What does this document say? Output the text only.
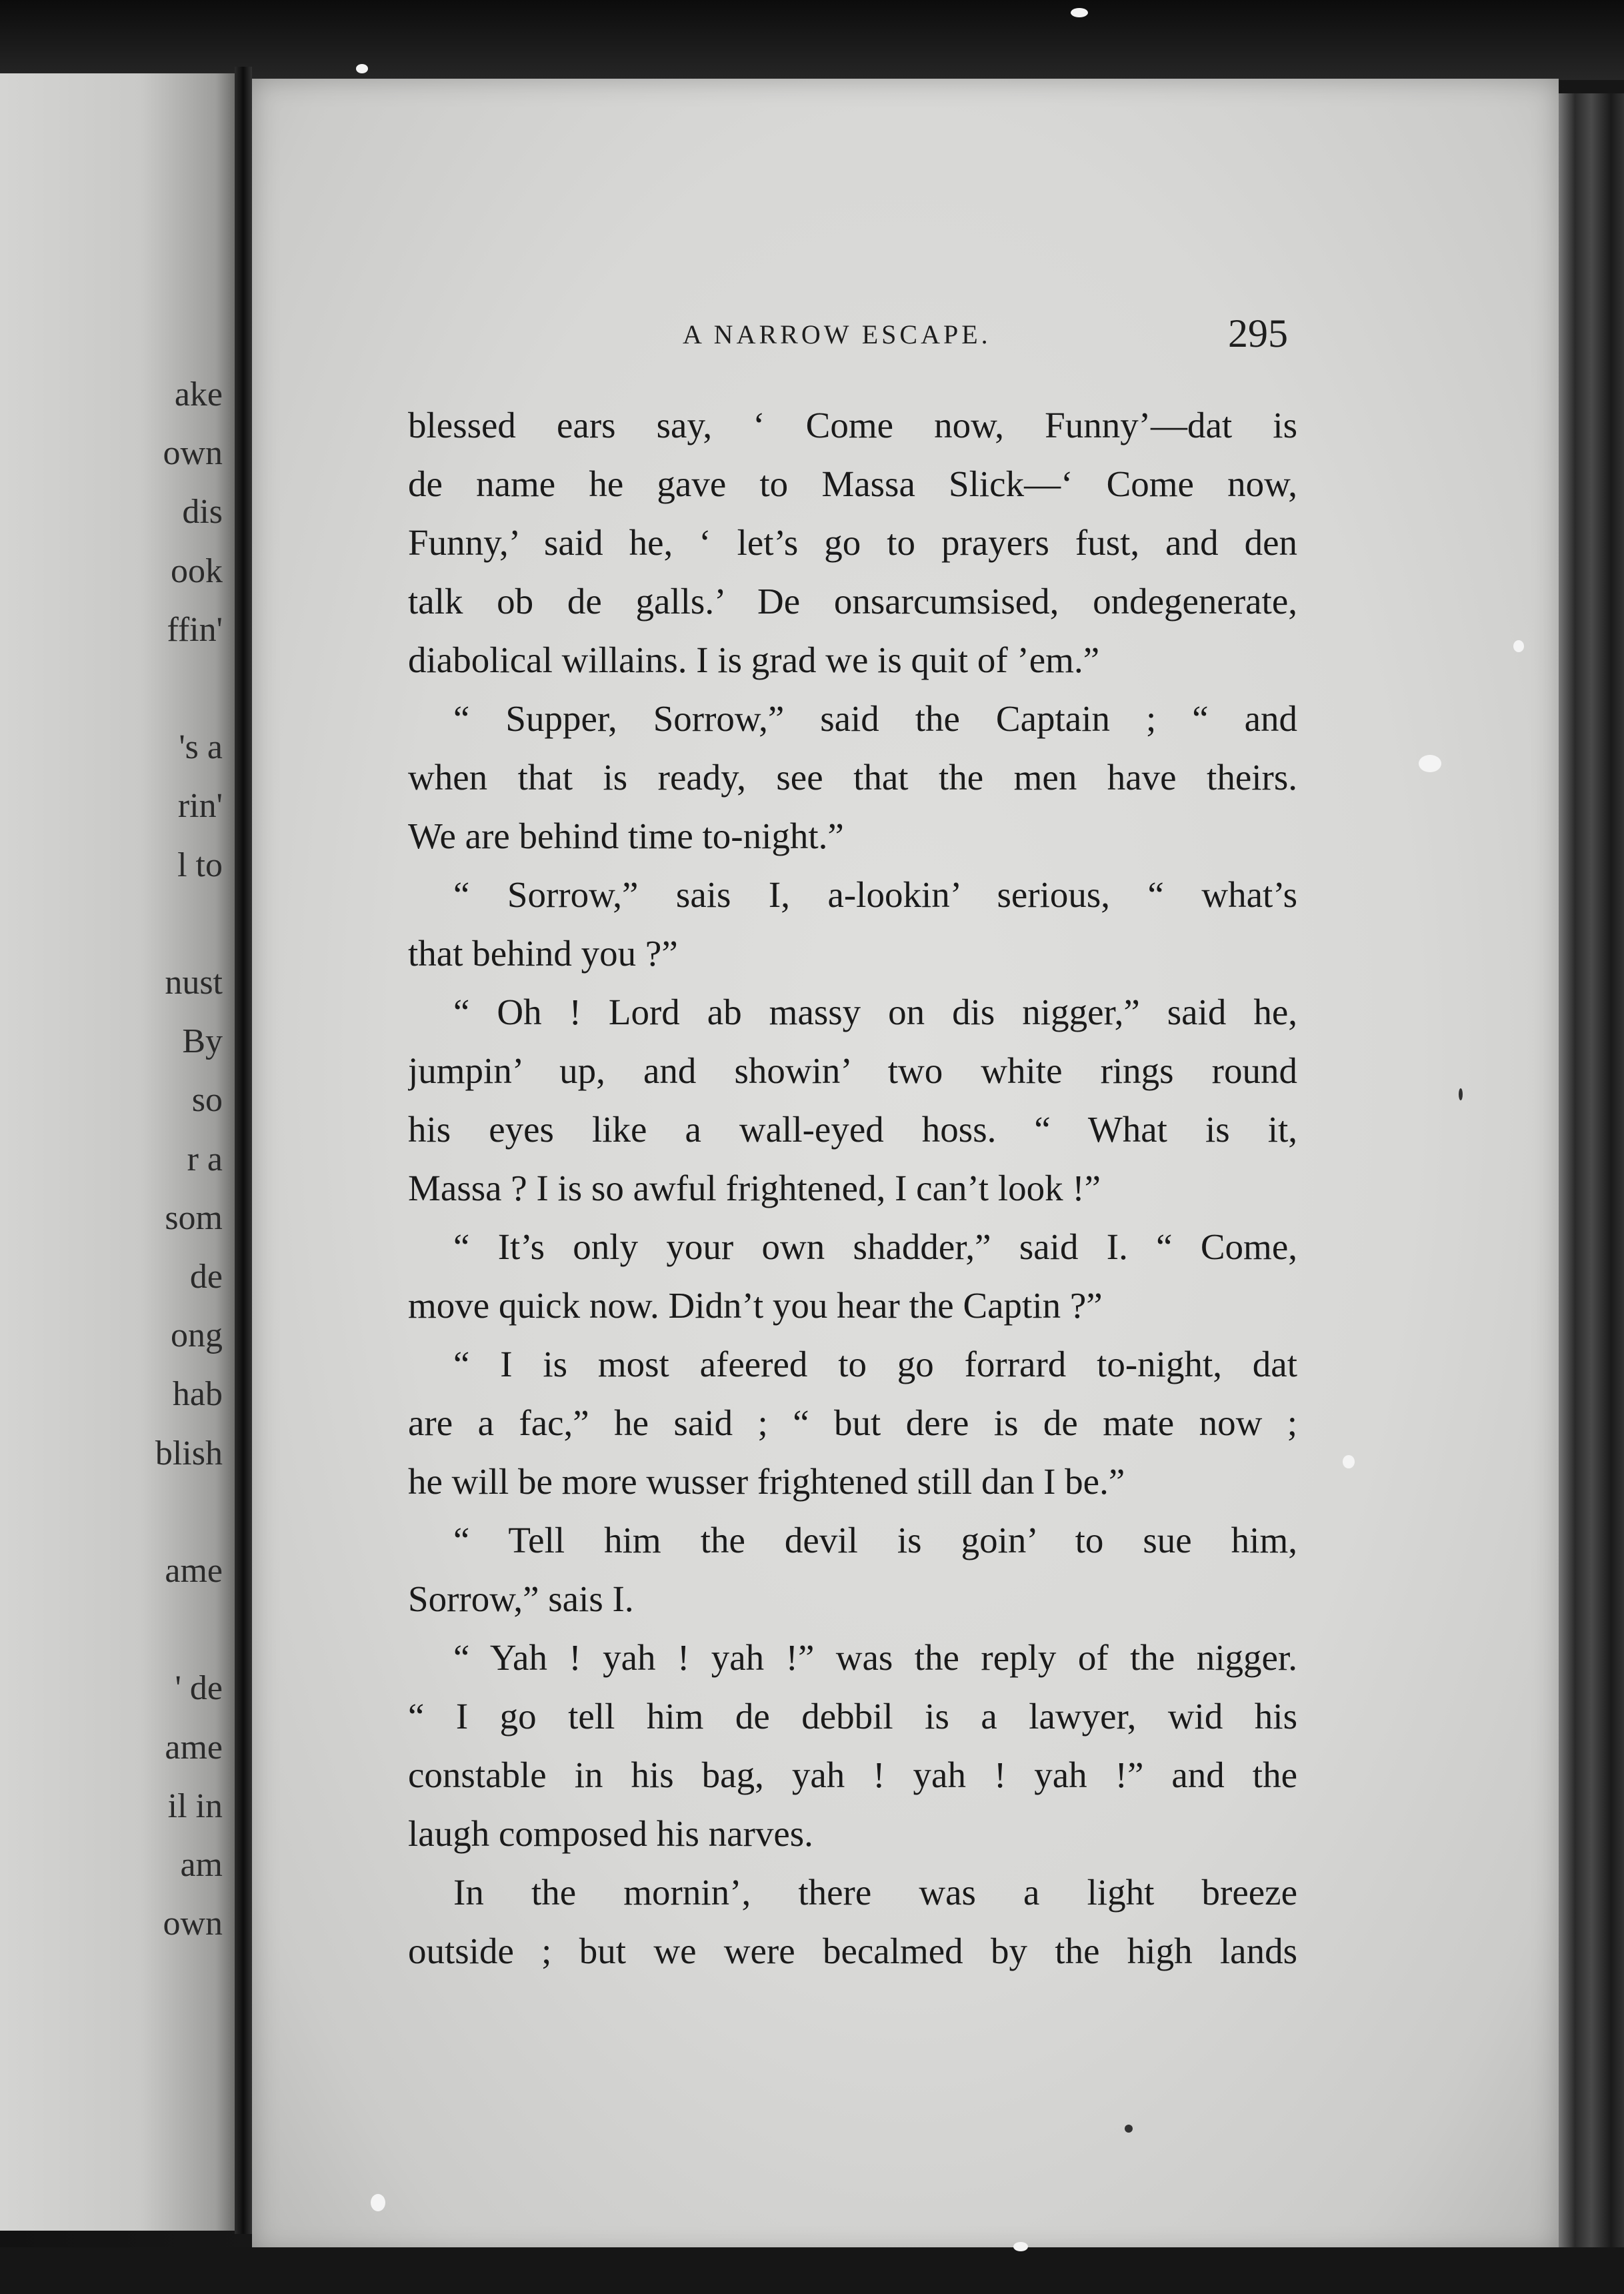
ake
own
dis
ook
ffin'
's a
rin'
l to
nust
By
so
r a
som
de
ong
hab
blish
ame
' de
ame
il in
am
own
A NARROW ESCAPE.	295
blessed ears say, ‘ Come now, Funny’—dat is
de name he gave to Massa Slick—‘ Come now,
Funny,’ said he, ‘ let’s go to prayers fust, and den
talk ob de galls.’ De onsarcumsised, ondegenerate,
diabolical willains. I is grad we is quit of ’em.”
“ Supper, Sorrow,” said the Captain ; “ and
when that is ready, see that the men have theirs.
We are behind time to-night.”
“ Sorrow,” sais I, a-lookin’ serious, “ what’s
that behind you ?”
“ Oh ! Lord ab massy on dis nigger,” said he,
jumpin’ up, and showin’ two white rings round
his eyes like a wall-eyed hoss. “ What is it,
Massa ? I is so awful frightened, I can’t look !”
“ It’s only your own shadder,” said I. “ Come,
move quick now. Didn’t you hear the Captin ?”
“ I is most afeered to go forrard to-night, dat
are a fac,” he said ; “ but dere is de mate now ;
he will be more wusser frightened still dan I be.”
“ Tell him the devil is goin’ to sue him,
Sorrow,” sais I.
“ Yah ! yah ! yah !” was the reply of the nigger.
“ I go tell him de debbil is a lawyer, wid his
constable in his bag, yah ! yah ! yah !” and the
laugh composed his narves.
In the mornin’, there was a light breeze
outside ; but we were becalmed by the high lands
